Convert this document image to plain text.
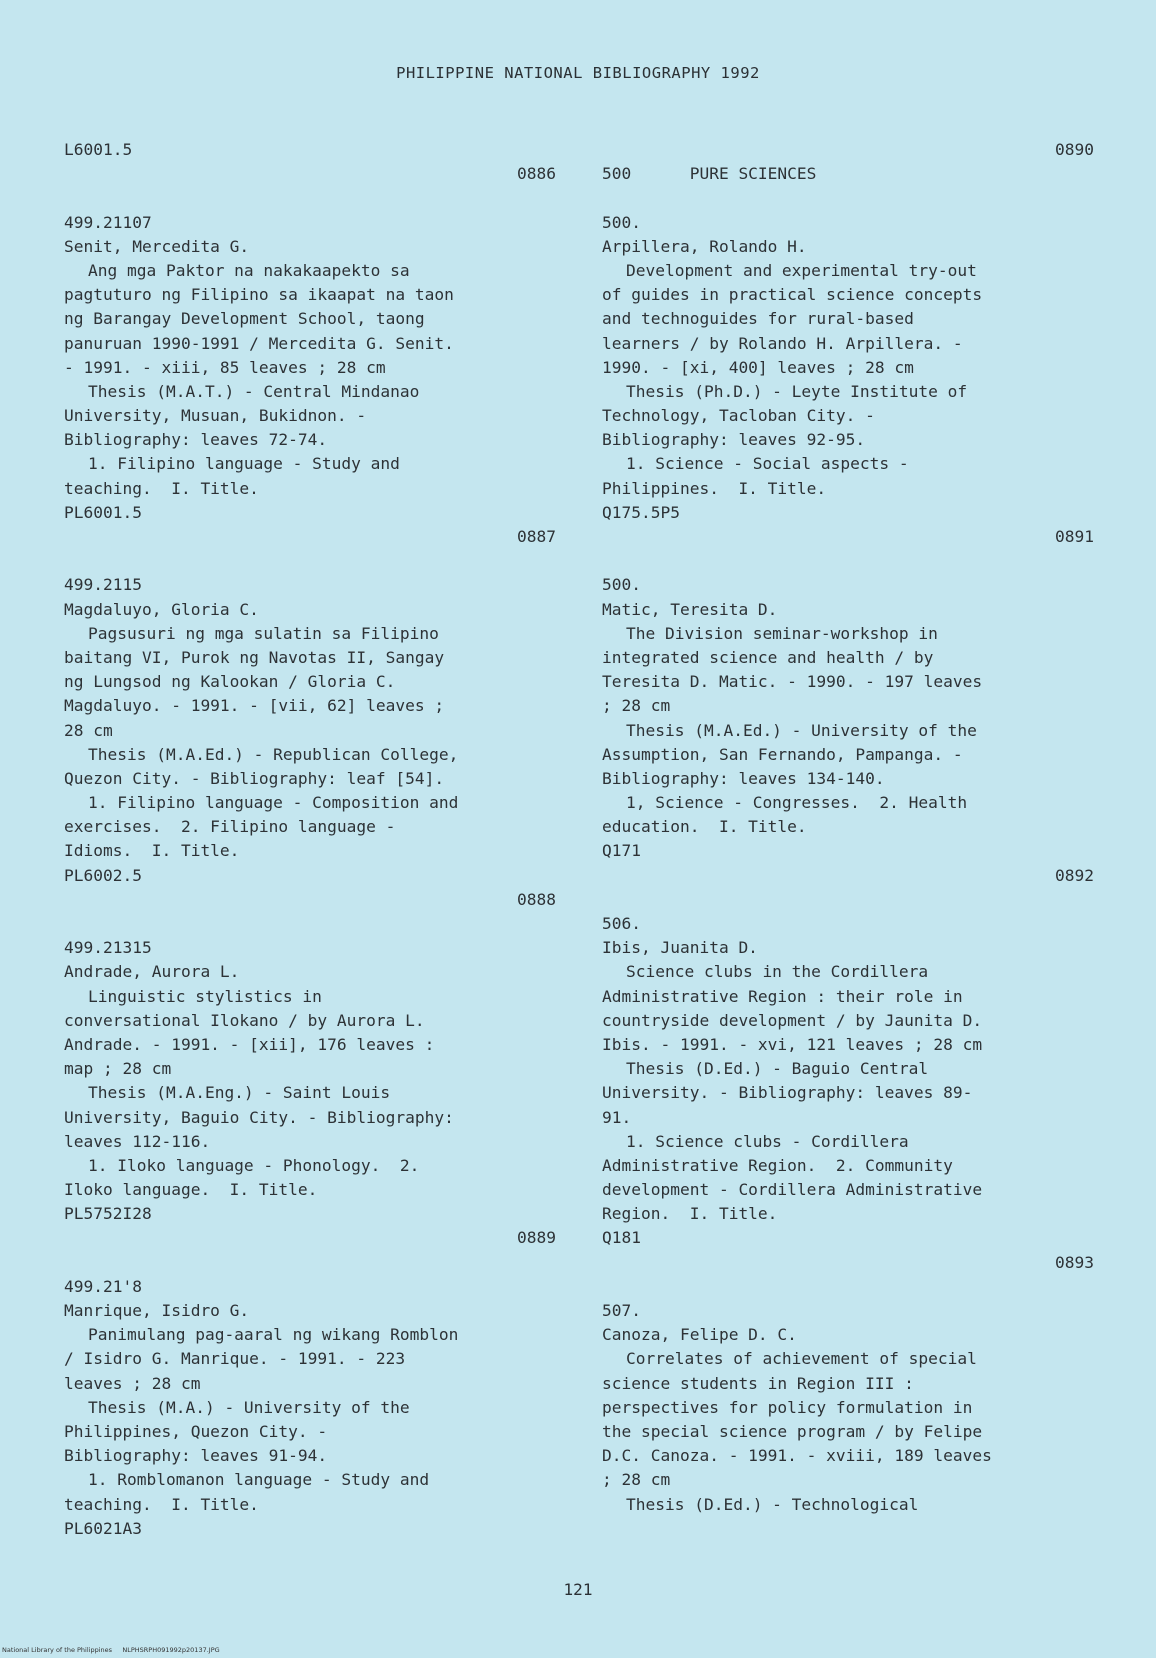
PHILIPPINE NATIONAL BIBLIOGRAPHY 1992
L6001.5
0886
499.21107
Senit, Mercedita G.
Ang mga Paktor na nakakaapekto sa
pagtuturo ng Filipino sa ikaapat na taon
ng Barangay Development School, taong
panuruan 1990-1991 / Mercedita G. Senit.
- 1991. - xiii, 85 leaves ; 28 cm
Thesis (M.A.T.) - Central Mindanao
University, Musuan, Bukidnon. -
Bibliography: leaves 72-74.
1. Filipino language - Study and
teaching.  I. Title.
PL6001.5
0887
499.2115
Magdaluyo, Gloria C.
Pagsusuri ng mga sulatin sa Filipino
baitang VI, Purok ng Navotas II, Sangay
ng Lungsod ng Kalookan / Gloria C.
Magdaluyo. - 1991. - [vii, 62] leaves ;
28 cm
Thesis (M.A.Ed.) - Republican College,
Quezon City. - Bibliography: leaf [54].
1. Filipino language - Composition and
exercises.  2. Filipino language -
Idioms.  I. Title.
PL6002.5
0888
499.21315
Andrade, Aurora L.
Linguistic stylistics in
conversational Ilokano / by Aurora L.
Andrade. - 1991. - [xii], 176 leaves :
map ; 28 cm
Thesis (M.A.Eng.) - Saint Louis
University, Baguio City. - Bibliography:
leaves 112-116.
1. Iloko language - Phonology.  2.
Iloko language.  I. Title.
PL5752I28
0889
499.21'8
Manrique, Isidro G.
Panimulang pag-aaral ng wikang Romblon
/ Isidro G. Manrique. - 1991. - 223
leaves ; 28 cm
Thesis (M.A.) - University of the
Philippines, Quezon City. -
Bibliography: leaves 91-94.
1. Romblomanon language - Study and
teaching.  I. Title.
PL6021A3
0890
500      PURE SCIENCES
500.
Arpillera, Rolando H.
Development and experimental try-out
of guides in practical science concepts
and technoguides for rural-based
learners / by Rolando H. Arpillera. -
1990. - [xi, 400] leaves ; 28 cm
Thesis (Ph.D.) - Leyte Institute of
Technology, Tacloban City. -
Bibliography: leaves 92-95.
1. Science - Social aspects -
Philippines.  I. Title.
Q175.5P5
0891
500.
Matic, Teresita D.
The Division seminar-workshop in
integrated science and health / by
Teresita D. Matic. - 1990. - 197 leaves
; 28 cm
Thesis (M.A.Ed.) - University of the
Assumption, San Fernando, Pampanga. -
Bibliography: leaves 134-140.
1, Science - Congresses.  2. Health
education.  I. Title.
Q171
0892
506.
Ibis, Juanita D.
Science clubs in the Cordillera
Administrative Region : their role in
countryside development / by Jaunita D.
Ibis. - 1991. - xvi, 121 leaves ; 28 cm
Thesis (D.Ed.) - Baguio Central
University. - Bibliography: leaves 89-
91.
1. Science clubs - Cordillera
Administrative Region.  2. Community
development - Cordillera Administrative
Region.  I. Title.
Q181
0893
507.
Canoza, Felipe D. C.
Correlates of achievement of special
science students in Region III :
perspectives for policy formulation in
the special science program / by Felipe
D.C. Canoza. - 1991. - xviii, 189 leaves
; 28 cm
Thesis (D.Ed.) - Technological
121
National Library of the Philippines     NLPHSRPH091992p20137.JPG
